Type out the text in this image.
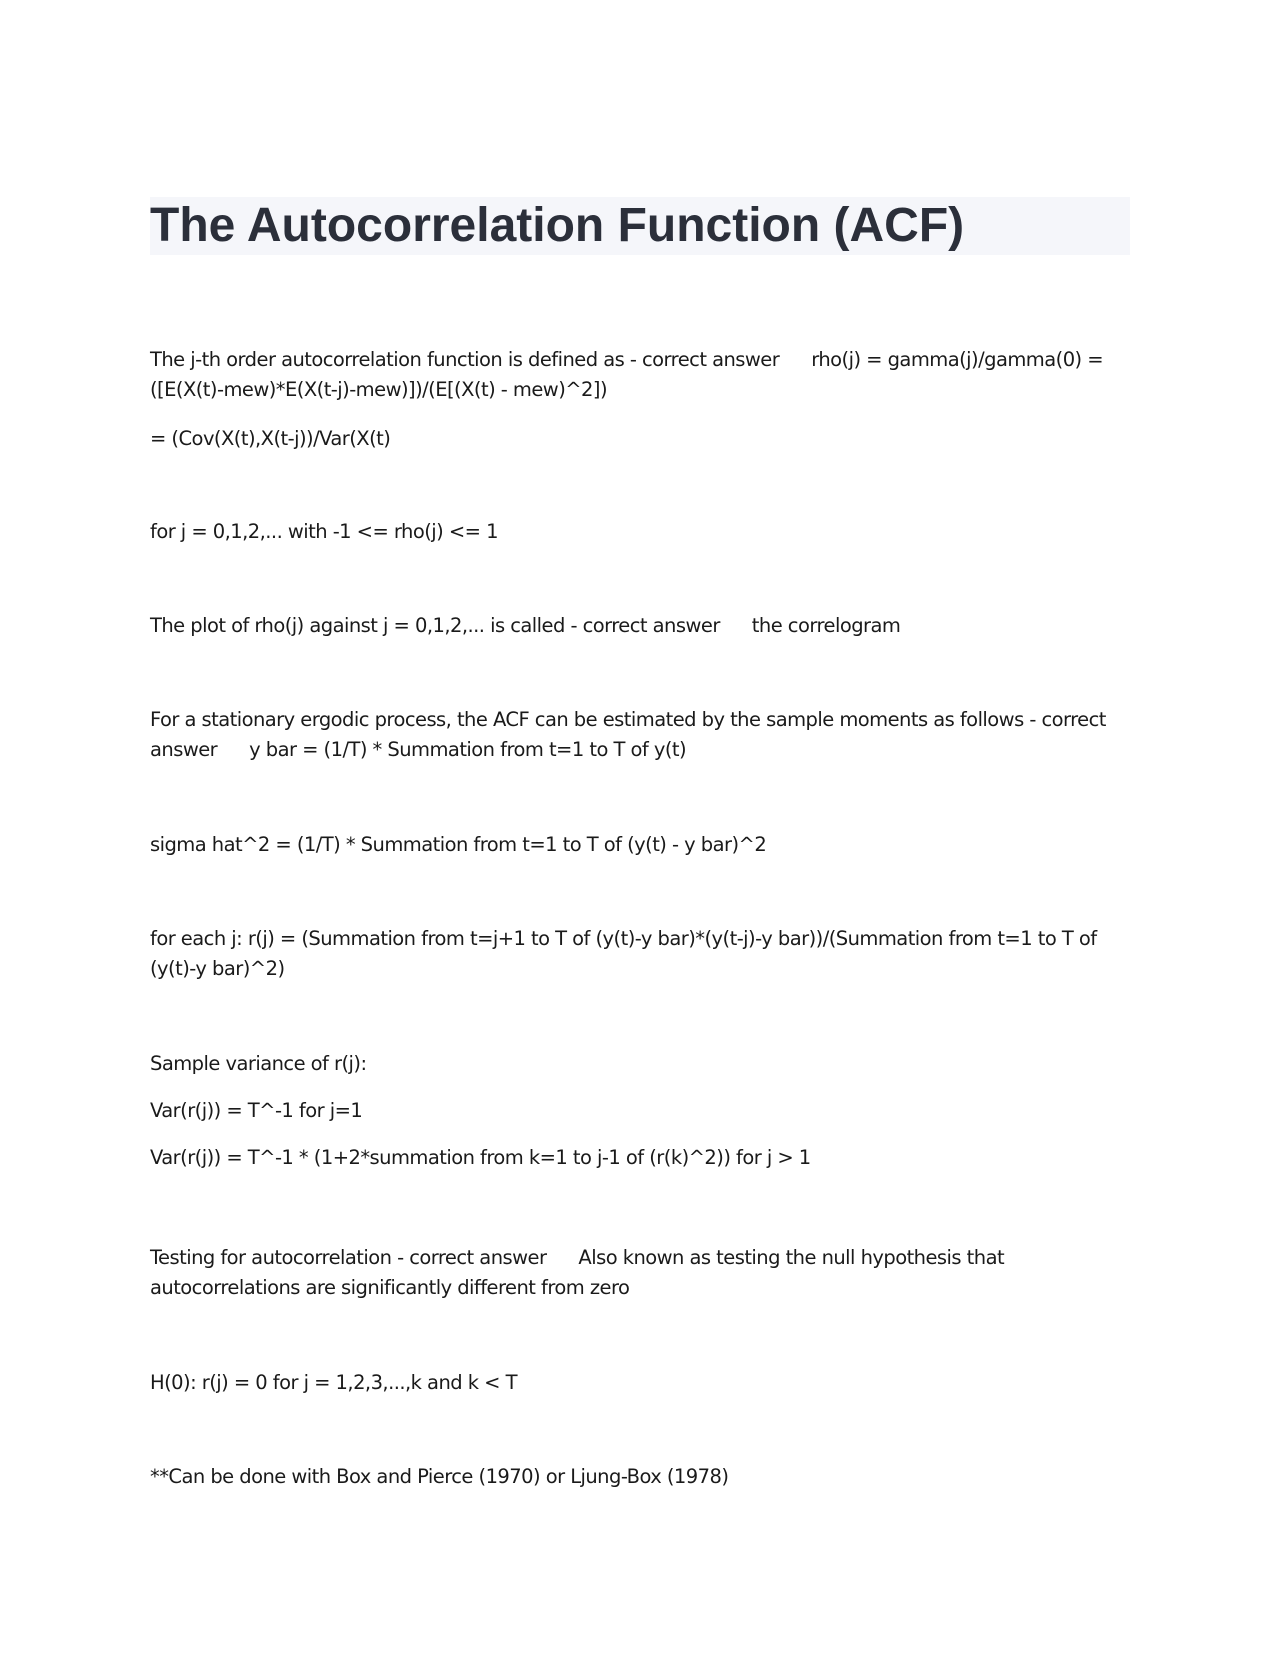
The Autocorrelation Function (ACF)

The j-th order autocorrelation function is defined as - correct answer rho(j) = gamma(j)/gamma(0) = ([E(X(t)-mew)*E(X(t-j)-mew)])/(E[(X(t) - mew)^2])

= (Cov(X(t),X(t-j))/Var(X(t)

for j = 0,1,2,... with -1 <= rho(j) <= 1

The plot of rho(j) against j = 0,1,2,... is called - correct answer the correlogram

For a stationary ergodic process, the ACF can be estimated by the sample moments as follows - correct answer y bar = (1/T) * Summation from t=1 to T of y(t)

sigma hat^2 = (1/T) * Summation from t=1 to T of (y(t) - y bar)^2

for each j: r(j) = (Summation from t=j+1 to T of (y(t)-y bar)*(y(t-j)-y bar))/(Summation from t=1 to T of (y(t)-y bar)^2)

Sample variance of r(j):

Var(r(j)) = T^-1 for j=1

Var(r(j)) = T^-1 * (1+2*summation from k=1 to j-1 of (r(k)^2)) for j > 1

Testing for autocorrelation - correct answer Also known as testing the null hypothesis that autocorrelations are significantly different from zero

H(0): r(j) = 0 for j = 1,2,3,...,k and k < T

**Can be done with Box and Pierce (1970) or Ljung-Box (1978)
